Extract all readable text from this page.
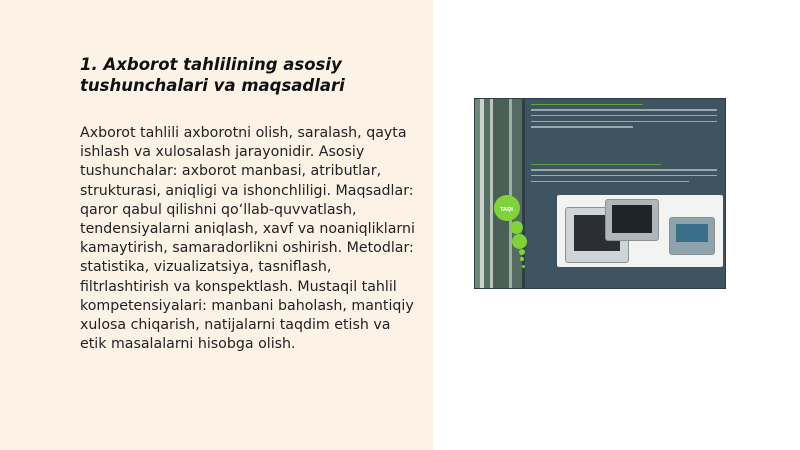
1. Axborot tahlilining asosiy tushunchalari va maqsadlari

Axborot tahlili axborotni olish, saralash, qayta ishlash va xulosalash jarayonidir. Asosiy tushunchalar: axborot manbasi, atributlar, strukturasi, aniqligi va ishonchliligi. Maqsadlar: qaror qabul qilishni qo‘llab-quvvatlash, tendensiyalarni aniqlash, xavf va noaniqliklarni kamaytirish, samaradorlikni oshirish. Metodlar: statistika, vizualizatsiya, tasniflash, filtrlashtirish va konspektlash. Mustaqil tahlil kompetensiyalari: manbani baholash, mantiqiy xulosa chiqarish, natijalarni taqdim etish va etik masalalarni hisobga olish.

TAQI
